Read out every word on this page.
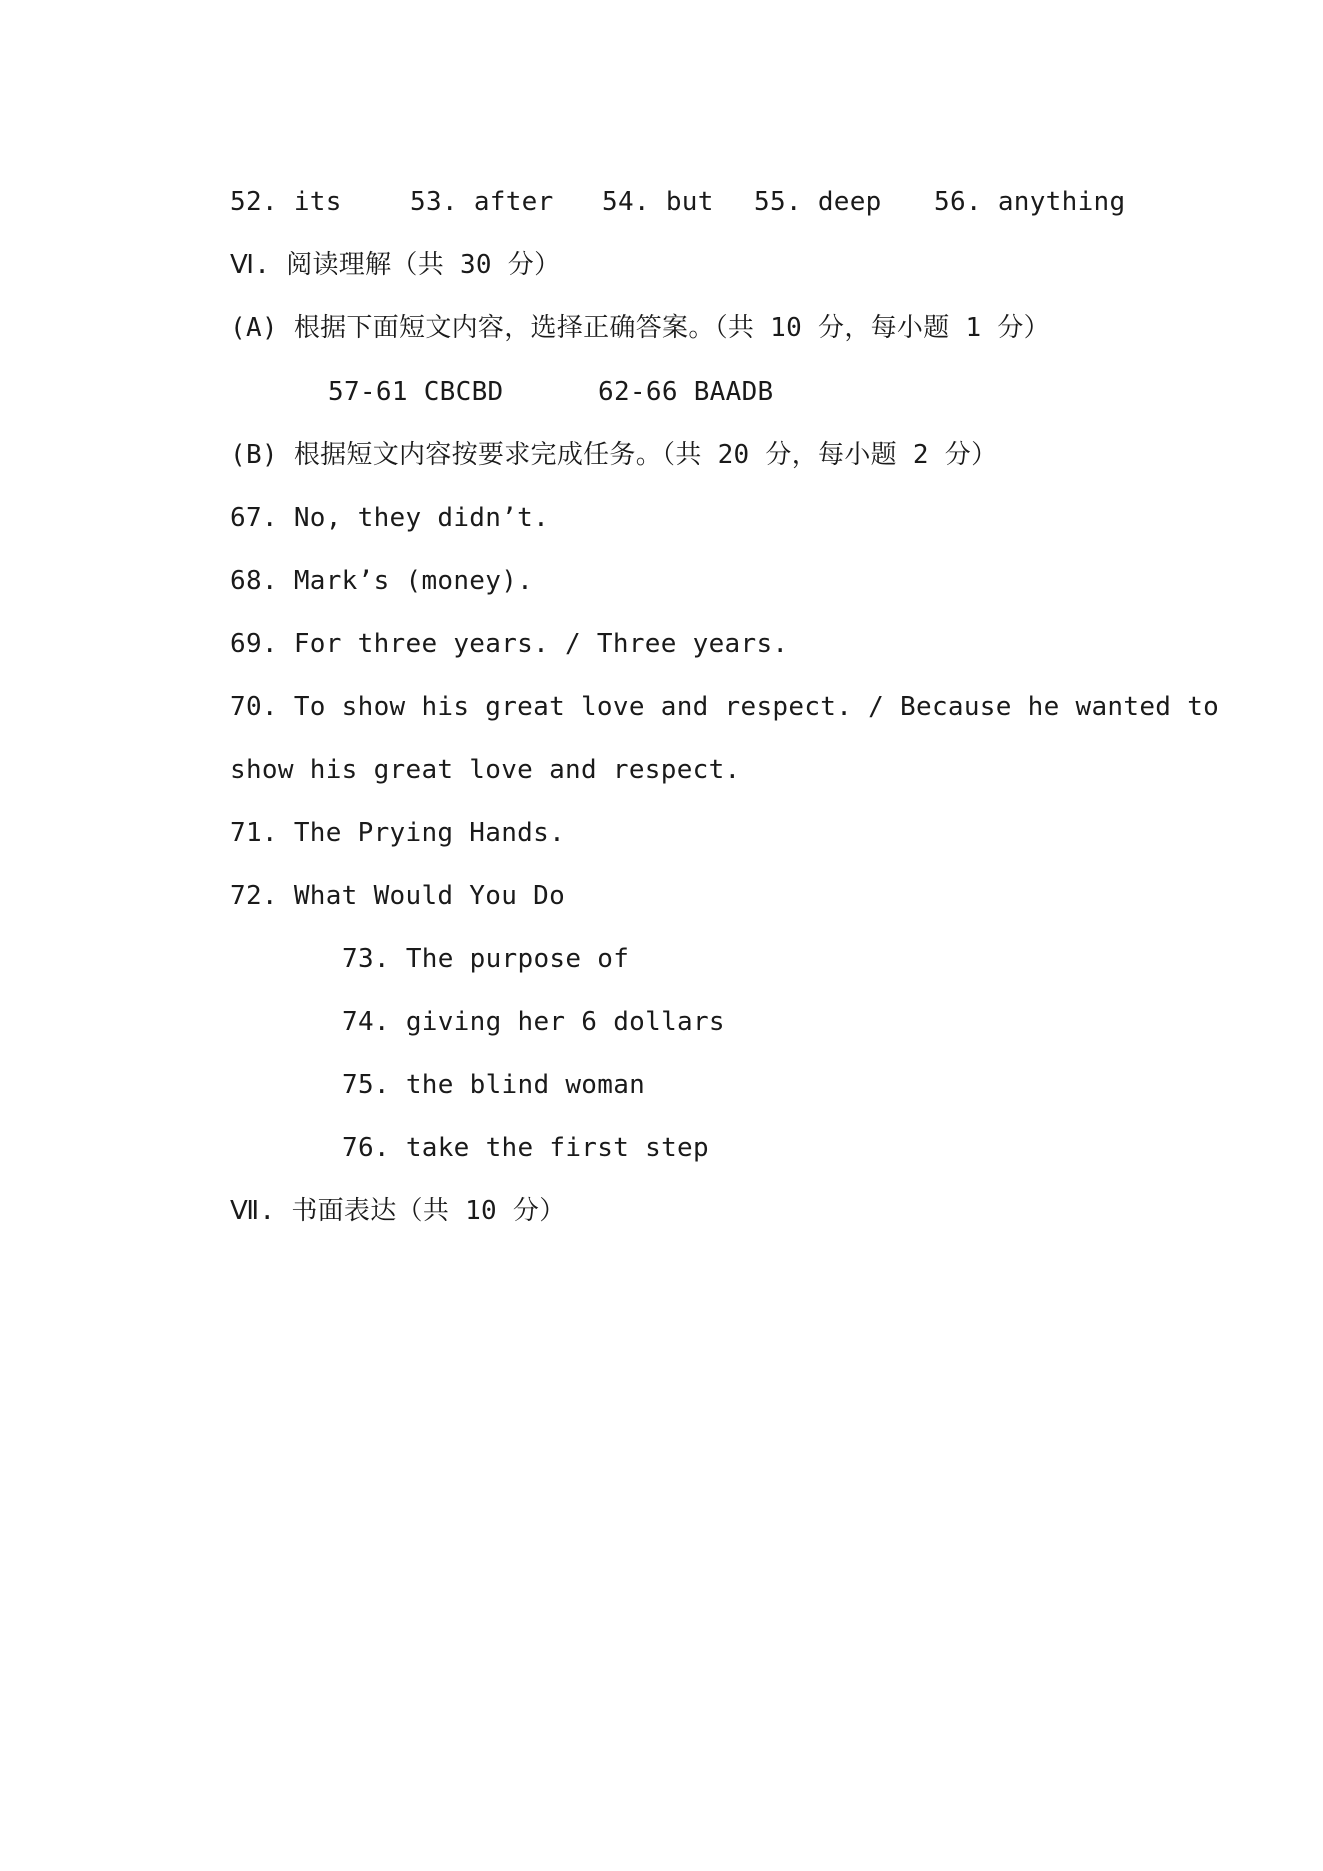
52. its	53. after	54. but	55. deep	56. anything
Ⅵ. 阅读理解（共 30 分）
(A) 根据下面短文内容，选择正确答案。（共 10 分，每小题 1 分）
57-61 CBCBD	62-66 BAADB
(B) 根据短文内容按要求完成任务。（共 20 分，每小题 2 分）
67. No, they didn’t.
68. Mark’s (money).
69. For three years. / Three years.
70. To show his great love and respect. / Because he wanted to
show his great love and respect.
71. The Prying Hands.
72. What Would You Do
73. The purpose of
74. giving her 6 dollars
75. the blind woman
76. take the first step
Ⅶ. 书面表达（共 10 分）
